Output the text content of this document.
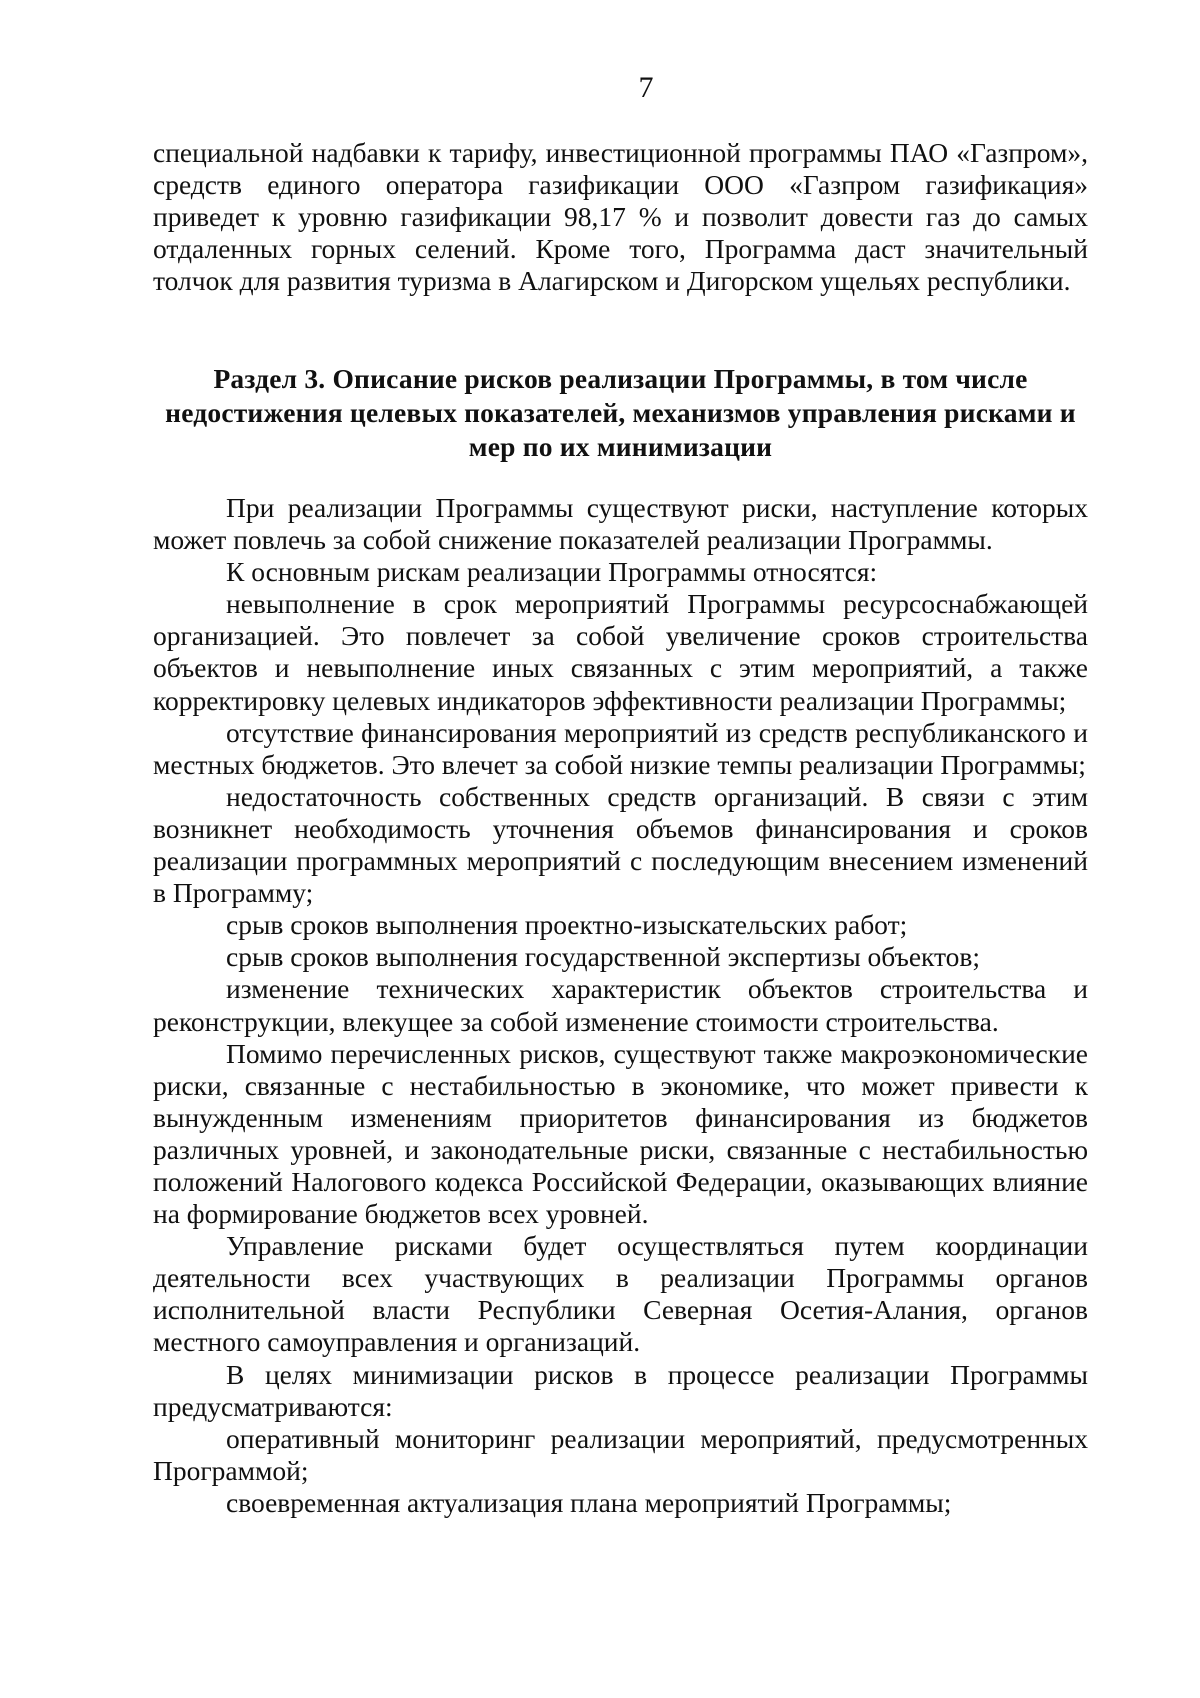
7
специальной надбавки к тарифу, инвестиционной программы ПАО «Газпром», средств единого оператора газификации ООО «Газпром газификация» приведет к уровню газификации 98,17 % и позволит довести газ до самых отдаленных горных селений. Кроме того, Программа даст значительный толчок для развития туризма в Алагирском и Дигорском ущельях республики.
Раздел 3. Описание рисков реализации Программы, в том числе
недостижения целевых показателей, механизмов управления рисками и
мер по их минимизации

При реализации Программы существуют риски, наступление которых может повлечь за собой снижение показателей реализации Программы.

К основным рискам реализации Программы относятся:

невыполнение в срок мероприятий Программы ресурсоснабжающей организацией. Это повлечет за собой увеличение сроков строительства объектов и невыполнение иных связанных с этим мероприятий, а также корректировку целевых индикаторов эффективности реализации Программы;

отсутствие финансирования мероприятий из средств республиканского и местных бюджетов. Это влечет за собой низкие темпы реализации Программы;

недостаточность собственных средств организаций. В связи с этим возникнет необходимость уточнения объемов финансирования и сроков реализации программных мероприятий с последующим внесением изменений в Программу;

срыв сроков выполнения проектно-изыскательских работ;

срыв сроков выполнения государственной экспертизы объектов;

изменение технических характеристик объектов строительства и реконструкции, влекущее за собой изменение стоимости строительства.

Помимо перечисленных рисков, существуют также макроэкономические риски, связанные с нестабильностью в экономике, что может привести к вынужденным изменениям приоритетов финансирования из бюджетов различных уровней, и законодательные риски, связанные с нестабильностью положений Налогового кодекса Российской Федерации, оказывающих влияние на формирование бюджетов всех уровней.

Управление рисками будет осуществляться путем координации деятельности всех участвующих в реализации Программы органов исполнительной власти Республики Северная Осетия-Алания, органов местного самоуправления и организаций.

В целях минимизации рисков в процессе реализации Программы предусматриваются:

оперативный мониторинг реализации мероприятий, предусмотренных Программой;

своевременная актуализация плана мероприятий Программы;
